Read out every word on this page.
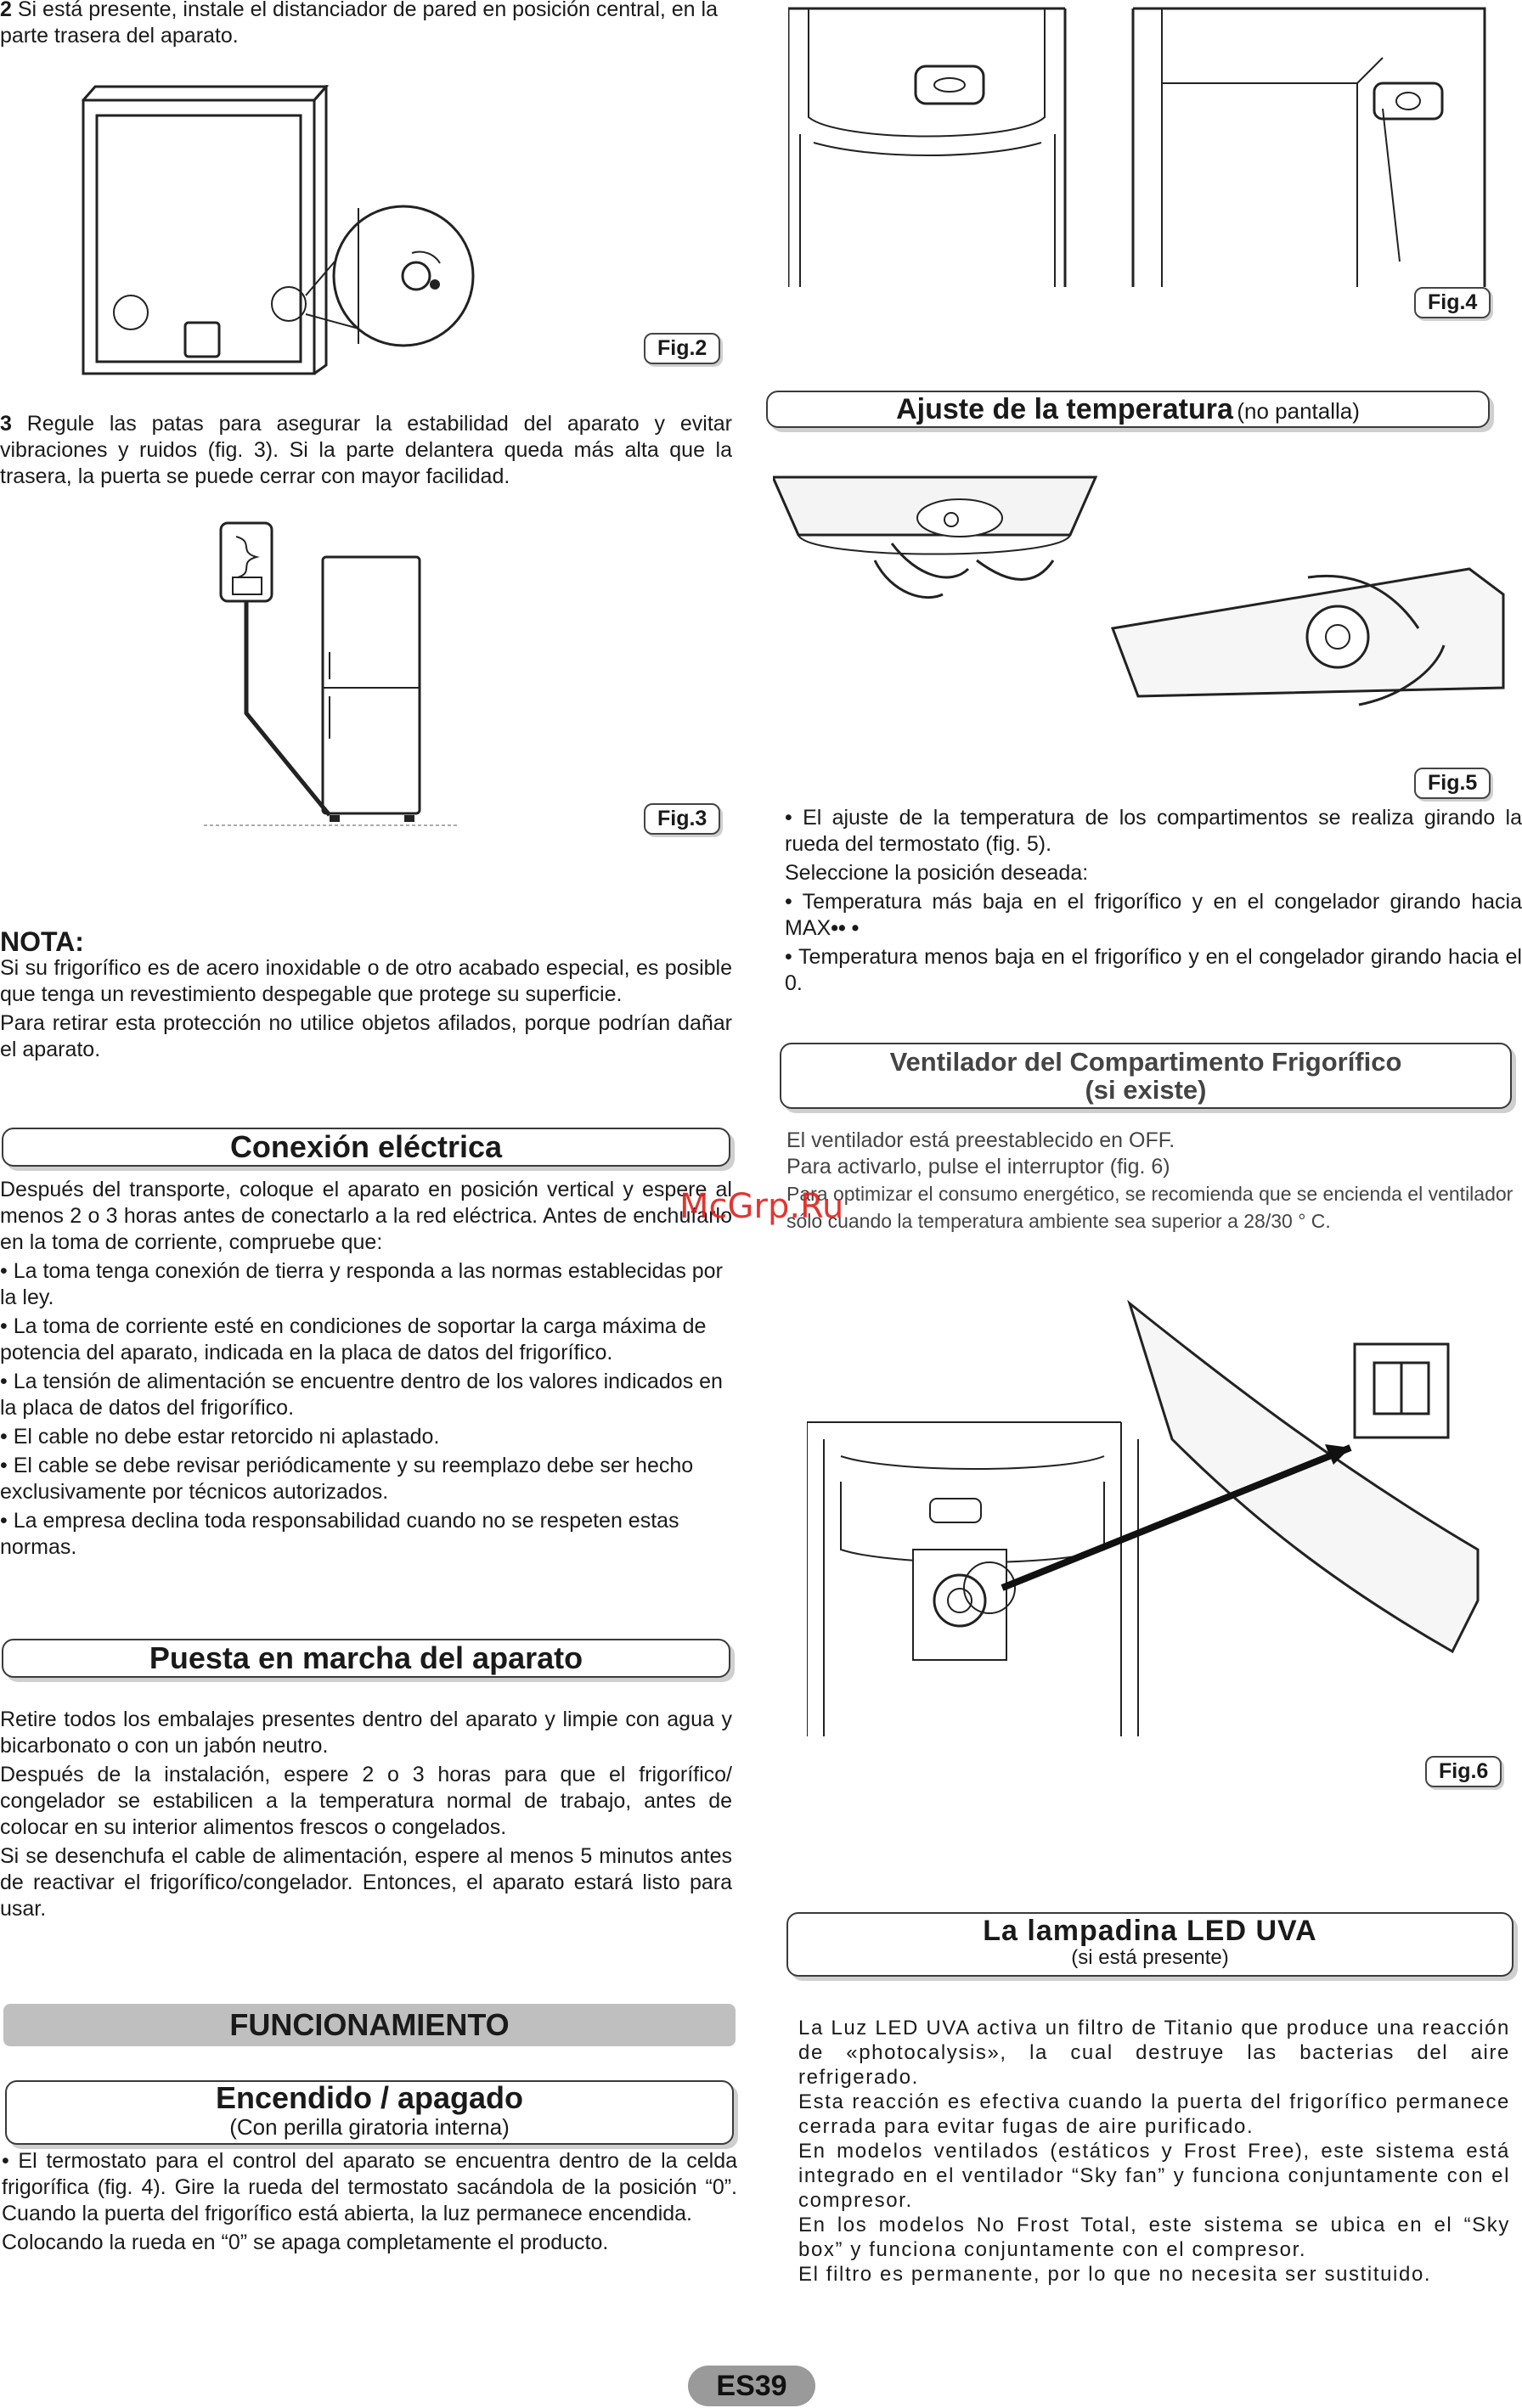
2 Si está presente, instale el distanciador de pared en posición central, en la parte trasera del aparato.
Fig.2
3 Regule las patas para asegurar la estabilidad del aparato y evitar vibraciones y ruidos (fig. 3). Si la parte delantera queda más alta que la trasera, la puerta se puede cerrar con mayor facilidad.
Fig.3
NOTA:

Si su frigorífico es de acero inoxidable o de otro acabado especial, es posible que tenga un revestimiento despegable que protege su superficie.

Para retirar esta protección no utilice objetos afilados, porque podrían dañar el aparato.

Conexión eléctrica

Después del transporte, coloque el aparato en posición vertical y espere al menos 2 o 3 horas antes de conectarlo a la red eléctrica. Antes de enchufarlo en la toma de corriente, compruebe que:

• La toma tenga conexión de tierra y responda a las normas establecidas por la ley.

• La toma de corriente esté en condiciones de soportar la carga máxima de potencia del aparato, indicada en la placa de datos del frigorífico.

• La tensión de alimentación se encuentre dentro de los valores indicados en la placa de datos del frigorífico.

• El cable no debe estar retorcido ni aplastado.

• El cable se debe revisar periódicamente y su reemplazo debe ser hecho exclusivamente por técnicos autorizados.

• La empresa declina toda responsabilidad cuando no se respeten estas normas.

Puesta en marcha del aparato

Retire todos los embalajes presentes dentro del aparato y limpie con agua y bicarbonato o con un jabón neutro.

Después de la instalación, espere 2 o 3 horas para que el frigorífico/ congelador se estabilicen a la temperatura normal de trabajo, antes de colocar en su interior alimentos frescos o congelados.

Si se desenchufa el cable de alimentación, espere al menos 5 minutos antes de reactivar el frigorífico/congelador. Entonces, el aparato estará listo para usar.

FUNCIONAMIENTO
Encendido / apagado
(Con perilla giratoria interna)

• El termostato para el control del aparato se encuentra dentro de la celda frigorífica (fig. 4). Gire la rueda del termostato sacándola de la posición “0”. Cuando la puerta del frigorífico está abierta, la luz permanece encendida.

Colocando la rueda en “0” se apaga completamente el producto.

Fig.4
Ajuste de la temperatura (no pantalla)
Fig.5

• El ajuste de la temperatura de los compartimentos se realiza girando la rueda del termostato (fig. 5).

Seleccione la posición deseada:

• Temperatura más baja en el frigorífico y en el congelador girando hacia MAX•• •

• Temperatura menos baja en el frigorífico y en el congelador girando hacia el 0.

Ventilador del Compartimento Frigorífico
(si existe)

El ventilador está preestablecido en OFF.

Para activarlo, pulse el interruptor (fig. 6)

Para optimizar el consumo energético, se recomienda que se encienda el ventilador sólo cuando la temperatura ambiente sea superior a 28/30 ° C.

McGrp.Ru
Fig.6
La lampadina LED UVA
(si está presente)

La Luz LED UVA activa un filtro de Titanio que produce una reacción de «photocalysis», la cual destruye las bacterias del aire refrigerado.

Esta reacción es efectiva cuando la puerta del frigorífico permanece cerrada para evitar fugas de aire purificado.

En modelos ventilados (estáticos y Frost Free), este sistema está integrado en el ventilador “Sky fan” y funciona conjuntamente con el compresor.

En los modelos No Frost Total, este sistema se ubica en el “Sky box” y funciona conjuntamente con el compresor.

El filtro es permanente, por lo que no necesita ser sustituido.

ES39
